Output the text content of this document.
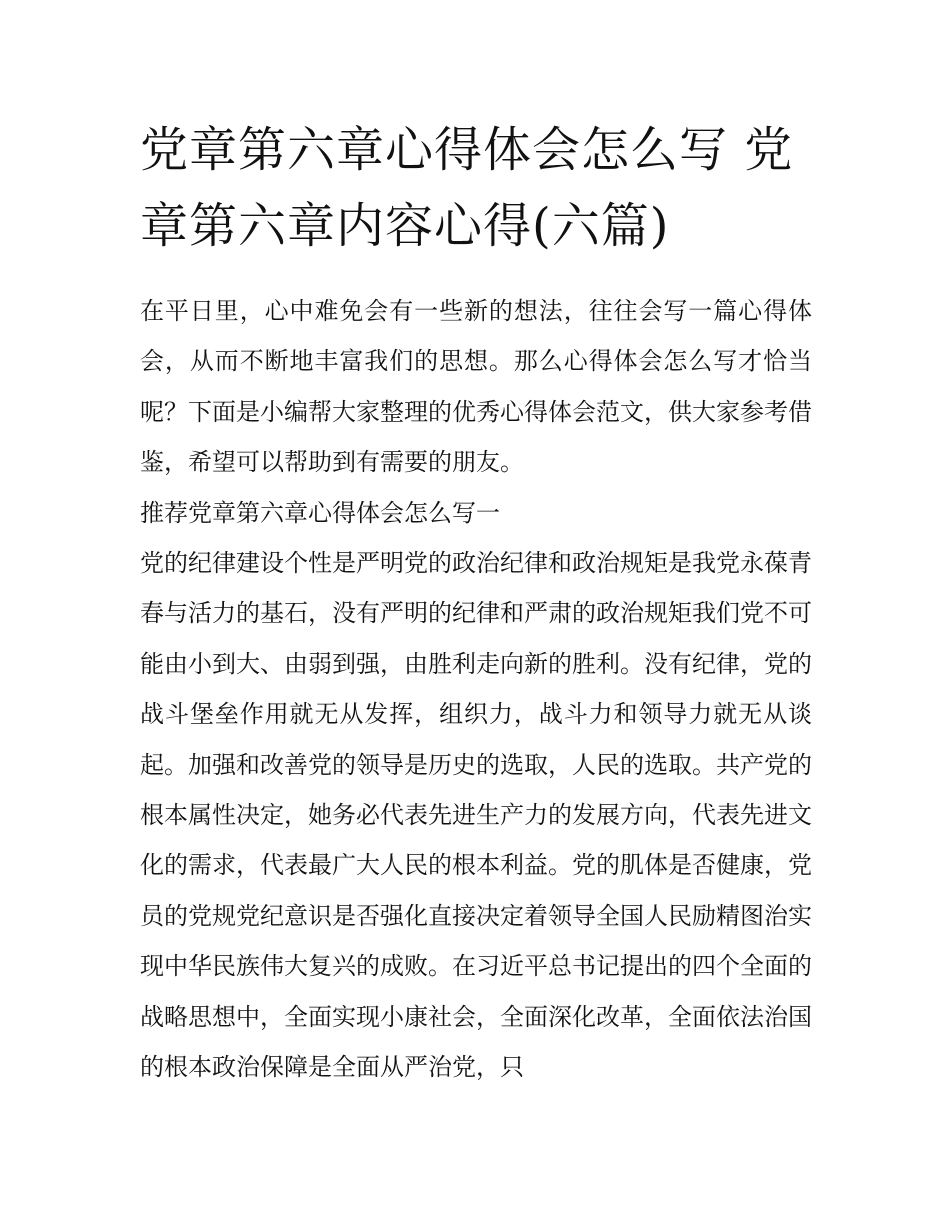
党章第六章心得体会怎么写 党章第六章内容心得(六篇)

在平日里，心中难免会有一些新的想法，往往会写一篇心得体会，从而不断地丰富我们的思想。那么心得体会怎么写才恰当呢？下面是小编帮大家整理的优秀心得体会范文，供大家参考借鉴，希望可以帮助到有需要的朋友。

推荐党章第六章心得体会怎么写一

党的纪律建设个性是严明党的政治纪律和政治规矩是我党永葆青春与活力的基石，没有严明的纪律和严肃的政治规矩我们党不可能由小到大、由弱到强，由胜利走向新的胜利。没有纪律，党的战斗堡垒作用就无从发挥，组织力，战斗力和领导力就无从谈起。加强和改善党的领导是历史的选取，人民的选取。共产党的根本属性决定，她务必代表先进生产力的发展方向，代表先进文化的需求，代表最广大人民的根本利益。党的肌体是否健康，党员的党规党纪意识是否强化直接决定着领导全国人民励精图治实现中华民族伟大复兴的成败。在习近平总书记提出的四个全面的战略思想中，全面实现小康社会，全面深化改革，全面依法治国的根本政治保障是全面从严治党，只
